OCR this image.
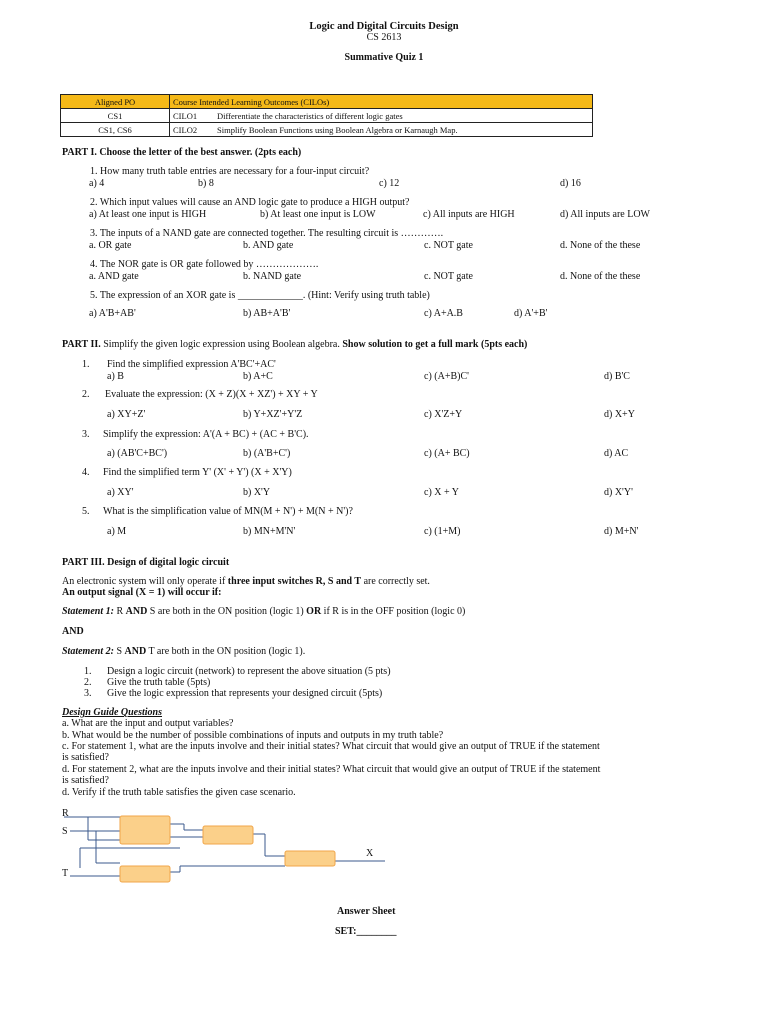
Logic and Digital Circuits Design
CS 2613
Summative Quiz 1
Aligned PO	Course Intended Learning Outcomes (CILOs)	
CS1	CILO1	Differentiate the characteristics of different logic gates
CS1, CS6	CILO2	Simplify Boolean Functions using Boolean Algebra or Karnaugh Map.
PART I. Choose the letter of the best answer. (2pts each)
1. How many truth table entries are necessary for a four-input circuit?
a) 4	b) 8	c) 12	d) 16
2. Which input values will cause an AND logic gate to produce a HIGH output?
a) At least one input is HIGH	b) At least one input is LOW	c) All inputs are HIGH	d) All inputs are LOW
3. The inputs of a NAND gate are connected together. The resulting circuit is ………….
a. OR gate	b. AND gate	c. NOT gate	d. None of the these
4. The NOR gate is OR gate followed by ……………….
a. AND gate	b. NAND gate	c. NOT gate	d. None of the these
5. The expression of an XOR gate is _____________. (Hint: Verify using truth table)
a) A'B+AB'	b) AB+A'B'	c) A+A.B	d) A'+B'
PART II. Simplify the given logic expression using Boolean algebra. Show solution to get a full mark (5pts each)
1. Find the simplified expression A'BC'+AC'
a) B	b) A+C	c) (A+B)C'	d) B'C
2. Evaluate the expression: (X + Z)(X + XZ') + XY + Y
a) XY+Z'	b) Y+XZ'+Y'Z	c) X'Z+Y	d) X+Y
3. Simplify the expression: A'(A + BC) + (AC + B'C).
a) (AB'C+BC')	b) (A'B+C')	c) (A+ BC)	d) AC
4. Find the simplified term Y' (X' + Y') (X + X'Y)
a) XY'	b) X'Y	c) X + Y	d) X'Y'
5. What is the simplification value of MN(M + N') + M(N + N')?
a) M	b) MN+M'N'	c) (1+M)	d) M+N'
PART III. Design of digital logic circuit
An electronic system will only operate if three input switches R, S and T are correctly set.
An output signal (X = 1) will occur if:
Statement 1: R AND S are both in the ON position (logic 1) OR if R is in the OFF position (logic 0)
AND
Statement 2: S AND T are both in the ON position (logic 1).
1. Design a logic circuit (network) to represent the above situation (5 pts)
2. Give the truth table (5pts)
3. Give the logic expression that represents your designed circuit (5pts)
Design Guide Questions
a. What are the input and output variables?
b. What would be the number of possible combinations of inputs and outputs in my truth table?
c. For statement 1, what are the inputs involve and their initial states? What circuit that would give an output of TRUE if the statement
is satisfied?
d. For statement 2, what are the inputs involve and their initial states? What circuit that would give an output of TRUE if the statement
is satisfied?
d. Verify if the truth table satisfies the given case scenario.
R
S
T
X
Answer Sheet
SET:________
